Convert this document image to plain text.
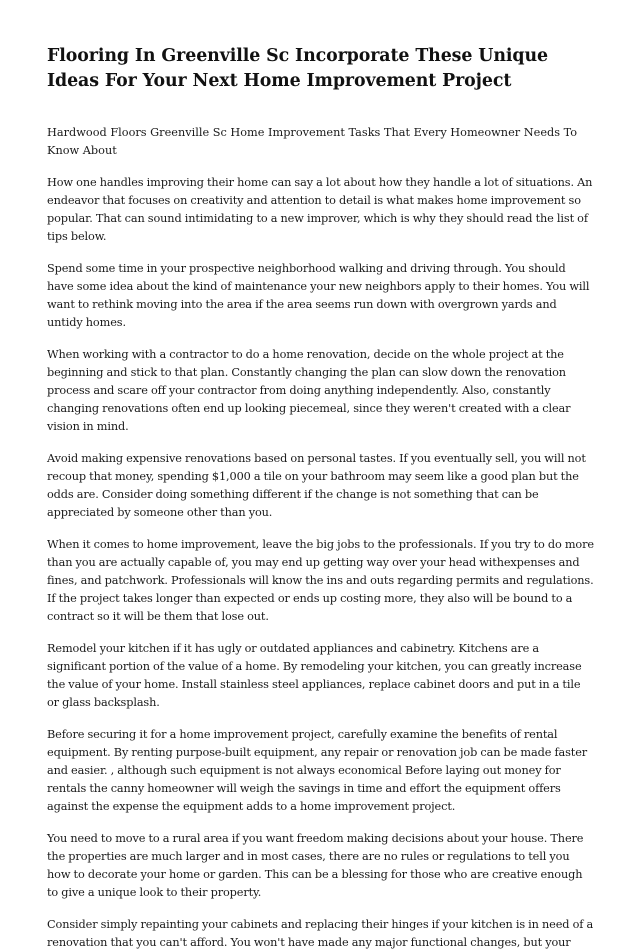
Flooring In Greenville Sc Incorporate These Unique Ideas For Your Next Home Improvement Project

Hardwood Floors Greenville Sc Home Improvement Tasks That Every Homeowner Needs To Know About

How one handles improving their home can say a lot about how they handle a lot of situations. An endeavor that focuses on creativity and attention to detail is what makes home improvement so popular. That can sound intimidating to a new improver, which is why they should read the list of tips below.

Spend some time in your prospective neighborhood walking and driving through. You should have some idea about the kind of maintenance your new neighbors apply to their homes. You will want to rethink moving into the area if the area seems run down with overgrown yards and untidy homes.

When working with a contractor to do a home renovation, decide on the whole project at the beginning and stick to that plan. Constantly changing the plan can slow down the renovation process and scare off your contractor from doing anything independently. Also, constantly changing renovations often end up looking piecemeal, since they weren't created with a clear vision in mind.

Avoid making expensive renovations based on personal tastes. If you eventually sell, you will not recoup that money, spending $1,000 a tile on your bathroom may seem like a good plan but the odds are. Consider doing something different if the change is not something that can be appreciated by someone other than you.

When it comes to home improvement, leave the big jobs to the professionals. If you try to do more than you are actually capable of, you may end up getting way over your head withexpenses and fines, and patchwork. Professionals will know the ins and outs regarding permits and regulations. If the project takes longer than expected or ends up costing more, they also will be bound to a contract so it will be them that lose out.

Remodel your kitchen if it has ugly or outdated appliances and cabinetry. Kitchens are a significant portion of the value of a home. By remodeling your kitchen, you can greatly increase the value of your home. Install stainless steel appliances, replace cabinet doors and put in a tile or glass backsplash.

Before securing it for a home improvement project, carefully examine the benefits of rental equipment. By renting purpose-built equipment, any repair or renovation job can be made faster and easier. , although such equipment is not always economical Before laying out money for rentals the canny homeowner will weigh the savings in time and effort the equipment offers against the expense the equipment adds to a home improvement project.

You need to move to a rural area if you want freedom making decisions about your house. There the properties are much larger and in most cases, there are no rules or regulations to tell you how to decorate your home or garden. This can be a blessing for those who are creative enough to give a unique look to their property.

Consider simply repainting your cabinets and replacing their hinges if your kitchen is in need of a renovation that you can't afford. You won't have made any major functional changes, but your
